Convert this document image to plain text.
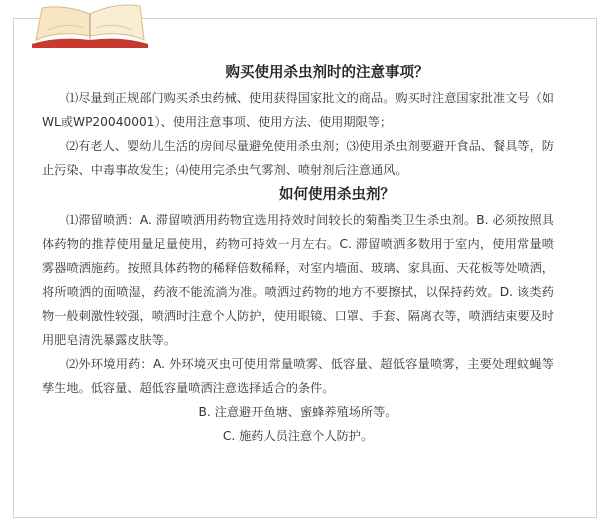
购买使用杀虫剂时的注意事项？

⑴尽量到正规部门购买杀虫药械、使用获得国家批文的商品。购买时注意国家批准文号（如WL或WP20040001）、使用注意事项、使用方法、使用期限等；

⑵有老人、婴幼儿生活的房间尽量避免使用杀虫剂；⑶使用杀虫剂要避开食品、餐具等，防止污染、中毒事故发生；⑷使用完杀虫气雾剂、喷射剂后注意通风。

如何使用杀虫剂？

⑴滞留喷洒：A. 滞留喷洒用药物宜选用持效时间较长的菊酯类卫生杀虫剂。B. 必须按照具体药物的推荐使用量足量使用，药物可持效一月左右。C. 滞留喷洒多数用于室内，使用常量喷雾器喷洒施药。按照具体药物的稀释倍数稀释，对室内墙面、玻璃、家具面、天花板等处喷洒，将所喷洒的面喷湿，药液不能流淌为准。喷洒过药物的地方不要擦拭，以保持药效。D. 该类药物一般刺激性较强，喷洒时注意个人防护，使用眼镜、口罩、手套、隔离衣等，喷洒结束要及时用肥皂清洗暴露皮肤等。

⑵外环境用药：A. 外环境灭虫可使用常量喷雾、低容量、超低容量喷雾，主要处理蚊蝇等孳生地。低容量、超低容量喷洒注意选择适合的条件。

B. 注意避开鱼塘、蜜蜂养殖场所等。

C. 施药人员注意个人防护。
